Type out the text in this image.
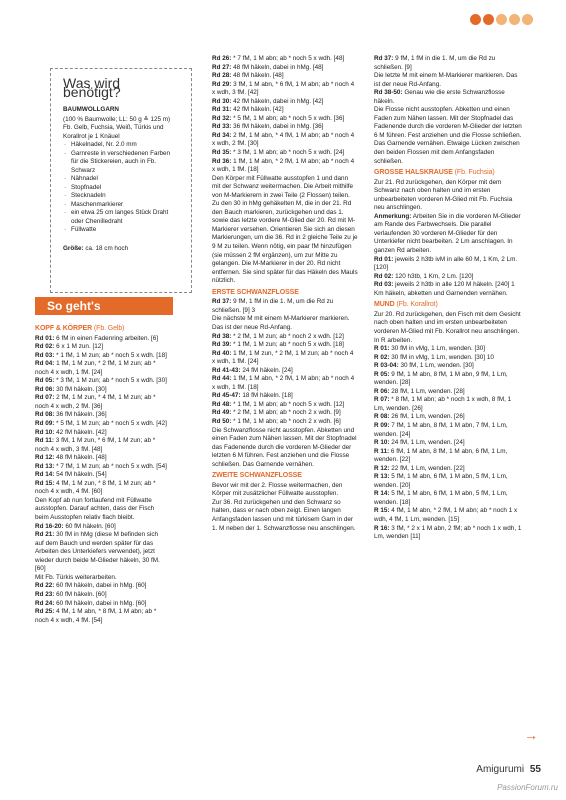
Was wird benötigt?
BAUMWOLLGARN
(100 % Baumwolle; LL: 50 g ≙ 125 m) Fb. Gelb, Fuchsia, Weiß, Türkis und Korallrot je 1 Knäuel
· Häkelnadel, Nr. 2.0 mm
· Garnreste in verschiedenen Farben für die Stickereien, auch in Fb. Schwarz
· Nähnadel
· Stopfnadel
· Stecknadeln
· Maschenmarkierer
· ein etwa 25 cm langes Stück Draht oder Chenilledraht
· Füllwatte
Größe: ca. 18 cm hoch
So geht's
KOPF & KÖRPER (Fb. Gelb)

Rd 01: 6 fM in einen Fadenring arbeiten. [6]

Rd 02: 6 x 1 M zun. [12]

Rd 03: * 1 fM, 1 M zun; ab * noch 5 x wdh. [18]

Rd 04: 1 fM, 1 M zun, * 2 fM, 1 M zun; ab * noch 4 x wdh, 1 fM. [24]

Rd 05: * 3 fM, 1 M zun; ab * noch 5 x wdh. [30]

Rd 06: 30 fM häkeln. [30]

Rd 07: 2 fM, 1 M zun, * 4 fM, 1 M zun; ab * noch 4 x wdh, 2 fM. [36]

Rd 08: 36 fM häkeln. [36]

Rd 09: * 5 fM, 1 M zun; ab * noch 5 x wdh. [42]

Rd 10: 42 fM häkeln. [42]

Rd 11: 3 fM, 1 M zun, * 6 fM, 1 M zun; ab * noch 4 x wdh, 3 fM. [48]

Rd 12: 48 fM häkeln. [48]

Rd 13: * 7 fM, 1 M zun; ab * noch 5 x wdh. [54]

Rd 14: 54 fM häkeln. [54]

Rd 15: 4 fM, 1 M zun, * 8 fM, 1 M zun; ab * noch 4 x wdh, 4 fM. [60]

Den Kopf ab nun fortlaufend mit Füllwatte ausstopfen. Darauf achten, dass der Fisch beim Ausstopfen relativ flach bleibt.

Rd 16-20: 60 fM häkeln. [60]

Rd 21: 30 fM in hMg (diese M befinden sich auf dem Bauch und werden später für das Arbeiten des Unterkiefers verwendet), jetzt wieder durch beide M-Glieder häkeln, 30 fM. [60]

Mit Fb. Türkis weiterarbeiten.

Rd 22: 60 fM häkeln, dabei in hMg. [60]

Rd 23: 60 fM häkeln. [60]

Rd 24: 60 fM häkeln, dabei in hMg. [60]

Rd 25: 4 fM, 1 M abn, * 8 fM, 1 M abn; ab * noch 4 x wdh, 4 fM. [54]

Rd 26: * 7 fM, 1 M abn; ab * noch 5 x wdh. [48]

Rd 27: 48 fM häkeln, dabei in hMg. [48]

Rd 28: 48 fM häkeln. [48]

Rd 29: 3 fM, 1 M abn, * 6 fM, 1 M abn; ab * noch 4 x wdh, 3 fM. [42]

Rd 30: 42 fM häkeln, dabei in hMg. [42]

Rd 31: 42 fM häkeln. [42]

Rd 32: * 5 fM, 1 M abn; ab * noch 5 x wdh. [36]

Rd 33: 36 fM häkeln, dabei in hMg. [36]

Rd 34: 2 fM, 1 M abn, * 4 fM, 1 M abn; ab * noch 4 x wdh, 2 fM. [30]

Rd 35: * 3 fM, 1 M abn; ab * noch 5 x wdh. [24]

Rd 36: 1 fM, 1 M abn, * 2 fM, 1 M abn; ab * noch 4 x wdh, 1 fM. [18]

Den Körper mit Füllwatte ausstopfen 1 und dann mit der Schwanz weitermachen. Die Arbeit mithilfe von M-Markierern in zwei Teile (2 Flossen) teilen.

Zu den 30 in hMg gehäkelten M, die in der 21. Rd den Bauch markieren, zurückgehen und das 1. sowie das letzte vordere M-Glied der 20. Rd mit M-Markierer versehen. Orientieren Sie sich an diesen Markierungen, um die 36. Rd in 2 gleiche Teile zu je 9 M zu teilen. Wenn nötig, ein paar fM hinzufügen (sie müssen 2 fM ergänzen), um zur Mitte zu gelangen. Die M-Markierer in der 20. Rd nicht entfernen. Sie sind später für das Häkeln des Mauls nützlich.

ERSTE SCHWANZFLOSSE

Rd 37: 9 fM, 1 fM in die 1. M, um die Rd zu schließen. [9] 3

Die nächste M mit einem M-Markierer markieren. Das ist der neue Rd-Anfang.

Rd 38: * 2 fM, 1 M zun; ab * noch 2 x wdh. [12]

Rd 39: * 1 fM, 1 M zun; ab * noch 5 x wdh. [18]

Rd 40: 1 fM, 1 M zun, * 2 fM, 1 M zun; ab * noch 4 x wdh, 1 fM. [24]

Rd 41-43: 24 fM häkeln. [24]

Rd 44: 1 fM, 1 M abn, * 2 fM, 1 M abn; ab * noch 4 x wdh, 1 fM. [18]

Rd 45-47: 18 fM häkeln. [18]

Rd 48: * 1 fM, 1 M abn; ab * noch 5 x wdh. [12]

Rd 49: * 2 fM, 1 M abn; ab * noch 2 x wdh. [9]

Rd 50: * 1 fM, 1 M abn; ab * noch 2 x wdh. [6]

Die Schwanzflosse nicht ausstopfen. Abketten und einen Faden zum Nähen lassen. Mit der Stopfnadel das Fadenende durch die vorderen M-Glieder der letzten 6 M führen. Fest anziehen und die Flosse schließen. Das Garnende vernähen.

ZWEITE SCHWANZFLOSSE

Bevor wir mit der 2. Flosse weitermachen, den Körper mit zusätzlicher Füllwatte ausstopfen.

Zur 36. Rd zurückgehen und den Schwanz so halten, dass er nach oben zeigt. Einen langen Anfangsfaden lassen und mit türkisem Garn in der 1. M neben der 1. Schwanzflosse neu anschlingen.

Rd 37: 9 fM, 1 fM in die 1. M, um die Rd zu schließen. [9]

Die letzte M mit einem M-Markierer markieren. Das ist der neue Rd-Anfang.

Rd 38-50: Genau wie die erste Schwanzflosse häkeln.

Die Flosse nicht ausstopfen. Abketten und einen Faden zum Nähen lassen. Mit der Stopfnadel das Fadenende durch die vorderen M-Glieder der letzten 6 M führen. Fest anziehen und die Flosse schließen. Das Garnende vernähen. Etwaige Lücken zwischen den beiden Flossen mit dem Anfangsfaden schließen.

GROSSE HALSKRAUSE (Fb. Fuchsia)

Zur 21. Rd zurückgehen, den Körper mit dem Schwanz nach oben halten und im ersten unbearbeiteten vorderen M-Glied mit Fb. Fuchsia neu anschlingen.

Anmerkung: Arbeiten Sie in die vorderen M-Glieder am Rande des Farbwechsels. Die parallel verlaufenden 30 vorderen M-Glieder für den Unterkiefer nicht bearbeiten. 2 Lm anschlagen. In ganzen Rd arbeiten.

Rd 01: jeweils 2 h3tb ivM in alle 60 M, 1 Km, 2 Lm. [120]

Rd 02: 120 h3tb, 1 Km, 2 Lm. [120]

Rd 03: jeweils 2 h3tb in alle 120 M häkeln. [240] 1 Km häkeln, abketten und Garnenden vernähen.

MUND (Fb. Korallrot)

Zur 20. Rd zurückgehen, den Fisch mit dem Gesicht nach oben halten und im ersten unbearbeiteten vorderen M-Glied mit Fb. Korallrot neu anschlingen. In R arbeiten.

R 01: 30 fM in vMg, 1 Lm, wenden. [30]

R 02: 30 fM in vMg, 1 Lm, wenden. [30] 10

R 03-04: 30 fM, 1 Lm, wenden. [30]

R 05: 9 fM, 1 M abn, 8 fM, 1 M abn, 9 fM, 1 Lm, wenden. [28]

R 06: 28 fM, 1 Lm, wenden. [28]

R 07: * 8 fM, 1 M abn; ab * noch 1 x wdh, 8 fM, 1 Lm, wenden. [26]

R 08: 26 fM, 1 Lm, wenden. [26]

R 09: 7 fM, 1 M abn, 8 fM, 1 M abn, 7 fM, 1 Lm, wenden. [24]

R 10: 24 fM, 1 Lm, wenden. [24]

R 11: 6 fM, 1 M abn, 8 fM, 1 M abn, 6 fM, 1 Lm, wenden. [22]

R 12: 22 fM, 1 Lm, wenden. [22]

R 13: 5 fM, 1 M abn, 6 fM, 1 M abn, 5 fM, 1 Lm, wenden. [20]

R 14: 5 fM, 1 M abn, 6 fM, 1 M abn, 5 fM, 1 Lm, wenden. [18]

R 15: 4 fM, 1 M abn, * 2 fM, 1 M abn; ab * noch 1 x wdh, 4 fM, 1 Lm, wenden. [15]

R 16: 3 fM, * 2 x 1 M abn, 2 fM; ab * noch 1 x wdh, 1 Lm, wenden [11]

→
Amigurumi 55
PassionForum.ru
